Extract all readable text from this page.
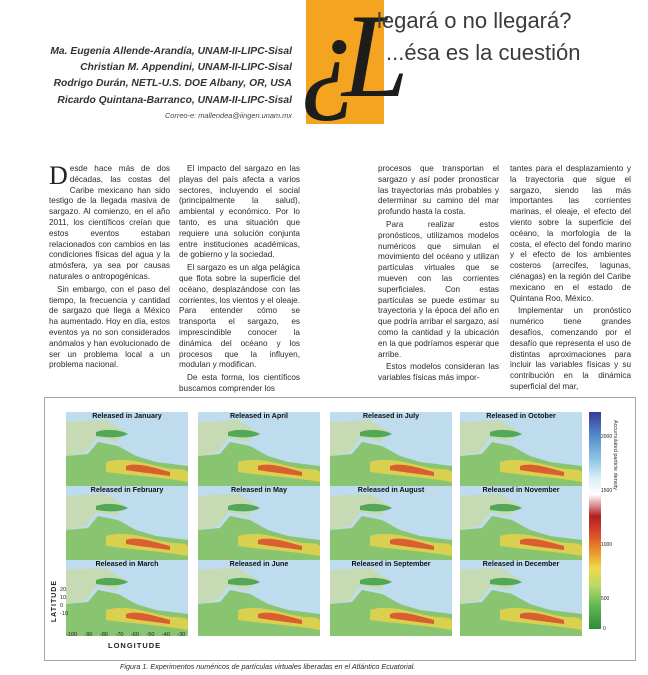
Ma. Eugenia Allende-Arandía, UNAM-II-LIPC-Sisal
Christian M. Appendini, UNAM-II-LIPC-Sisal
Rodrigo Durán, NETL-U.S. DOE Albany, OR, USA
Ricardo Quintana-Barranco, UNAM-II-LIPC-Sisal
Correo-e: mallendea@iingen.unam.mx ¿L
legará o no llegará?
...ésa es la cuestión

Desde hace más de dos décadas, las costas del Caribe mexicano han sido testigo de la llegada masiva de sargazo. Al comienzo, en el año 2011, los científicos creían que estos eventos estaban relacionados con cambios en las condiciones físicas del agua y la atmósfera, ya sea por causas naturales o antropogénicas.

Sin embargo, con el paso del tiempo, la frecuencia y cantidad de sargazo que llega a México ha aumentado. Hoy en día, estos eventos ya no son considerados anómalos y han evolucionado de ser un problema local a un problema nacional.

El impacto del sargazo en las playas del país afecta a varios sectores, incluyendo el social (principalmente la salud), ambiental y económico. Por lo tanto, es una situación que requiere una solución conjunta entre instituciones académicas, de gobierno y la sociedad.

El sargazo es un alga pelágica que flota sobre la superficie del océano, desplazándose con las corrientes, los vientos y el oleaje. Para entender cómo se transporta el sargazo, es imprescindible conocer la dinámica del océano y los procesos que la influyen, modulan y modifican.

De esta forma, los científicos buscamos comprender los

procesos que transportan el sargazo y así poder pronosticar las trayectorias más probables y determinar su camino del mar profundo hasta la costa.

Para realizar estos pronósticos, utilizamos modelos numéricos que simulan el movimiento del océano y utilizan partículas virtuales que se mueven con las corrientes superficiales. Con estas partículas se puede estimar su trayectoria y la época del año en que podría arribar el sargazo, así como la cantidad y la ubicación en la que podríamos esperar que arribe.

Estos modelos consideran las variables físicas más impor-

tantes para el desplazamiento y la trayectoria que sigue el sargazo, siendo las más importantes las corrientes marinas, el oleaje, el efecto del viento sobre la superficie del océano, la morfología de la costa, el efecto del fondo marino y el efecto de los ambientes costeros (arrecifes, lagunas, ciénagas) en la región del Caribe mexicano en el estado de Quintana Roo, México.

Implementar un pronóstico numérico tiene grandes desafíos, comenzando por el desafío que representa el uso de distintas aproximaciones para incluir las variables físicas y su contribución en la dinámica superficial del mar,

Released in January	Released in April	Released in July	Released in October
Released in February	Released in May	Released in August	Released in November
Released in March	Released in June	Released in September	Released in December
2000
1500
1000
500
0
Accumulated particle density
LATITUDE 20
10
0
-10
-100 -90 -80 -70 -60 -50 -40 -30
LONGITUDE
Figura 1. Experimentos numéricos de partículas virtuales liberadas en el Atlántico Ecuatorial.
